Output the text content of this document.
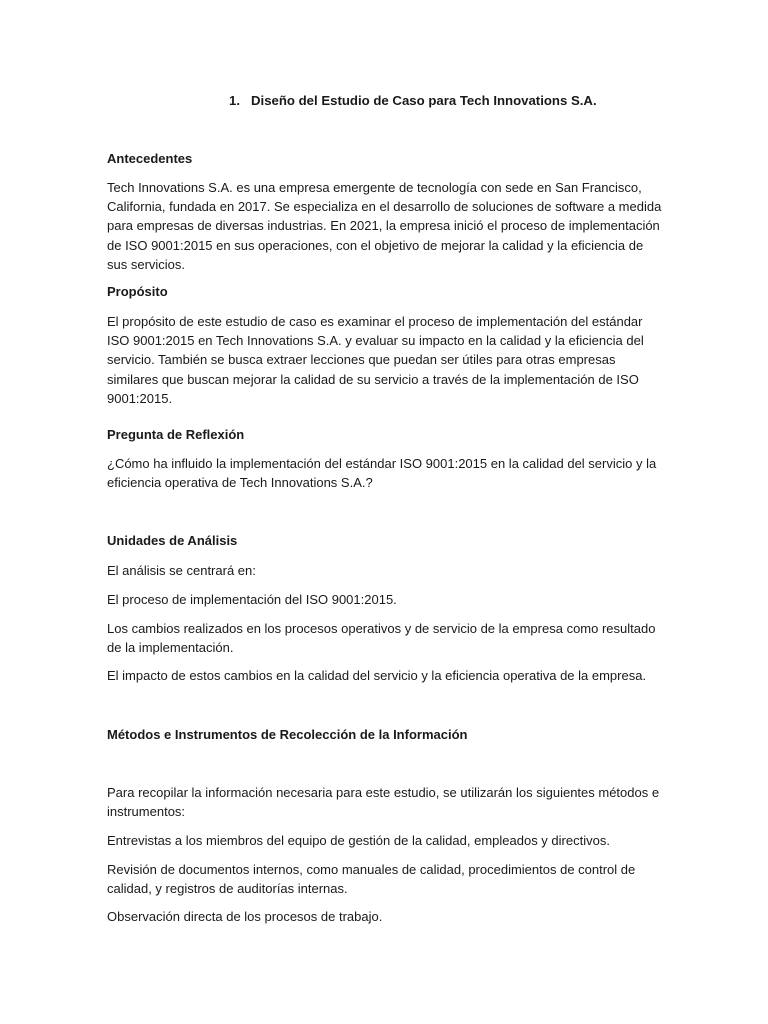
1. Diseño del Estudio de Caso para Tech Innovations S.A.
Antecedentes
Tech Innovations S.A. es una empresa emergente de tecnología con sede en San Francisco, California, fundada en 2017. Se especializa en el desarrollo de soluciones de software a medida para empresas de diversas industrias. En 2021, la empresa inició el proceso de implementación de ISO 9001:2015 en sus operaciones, con el objetivo de mejorar la calidad y la eficiencia de sus servicios.
Propósito
El propósito de este estudio de caso es examinar el proceso de implementación del estándar ISO 9001:2015 en Tech Innovations S.A. y evaluar su impacto en la calidad y la eficiencia del servicio. También se busca extraer lecciones que puedan ser útiles para otras empresas similares que buscan mejorar la calidad de su servicio a través de la implementación de ISO 9001:2015.
Pregunta de Reflexión
¿Cómo ha influido la implementación del estándar ISO 9001:2015 en la calidad del servicio y la eficiencia operativa de Tech Innovations S.A.?
Unidades de Análisis
El análisis se centrará en:
El proceso de implementación del ISO 9001:2015.
Los cambios realizados en los procesos operativos y de servicio de la empresa como resultado de la implementación.
El impacto de estos cambios en la calidad del servicio y la eficiencia operativa de la empresa.
Métodos e Instrumentos de Recolección de la Información
Para recopilar la información necesaria para este estudio, se utilizarán los siguientes métodos e instrumentos:
Entrevistas a los miembros del equipo de gestión de la calidad, empleados y directivos.
Revisión de documentos internos, como manuales de calidad, procedimientos de control de calidad, y registros de auditorías internas.
Observación directa de los procesos de trabajo.
